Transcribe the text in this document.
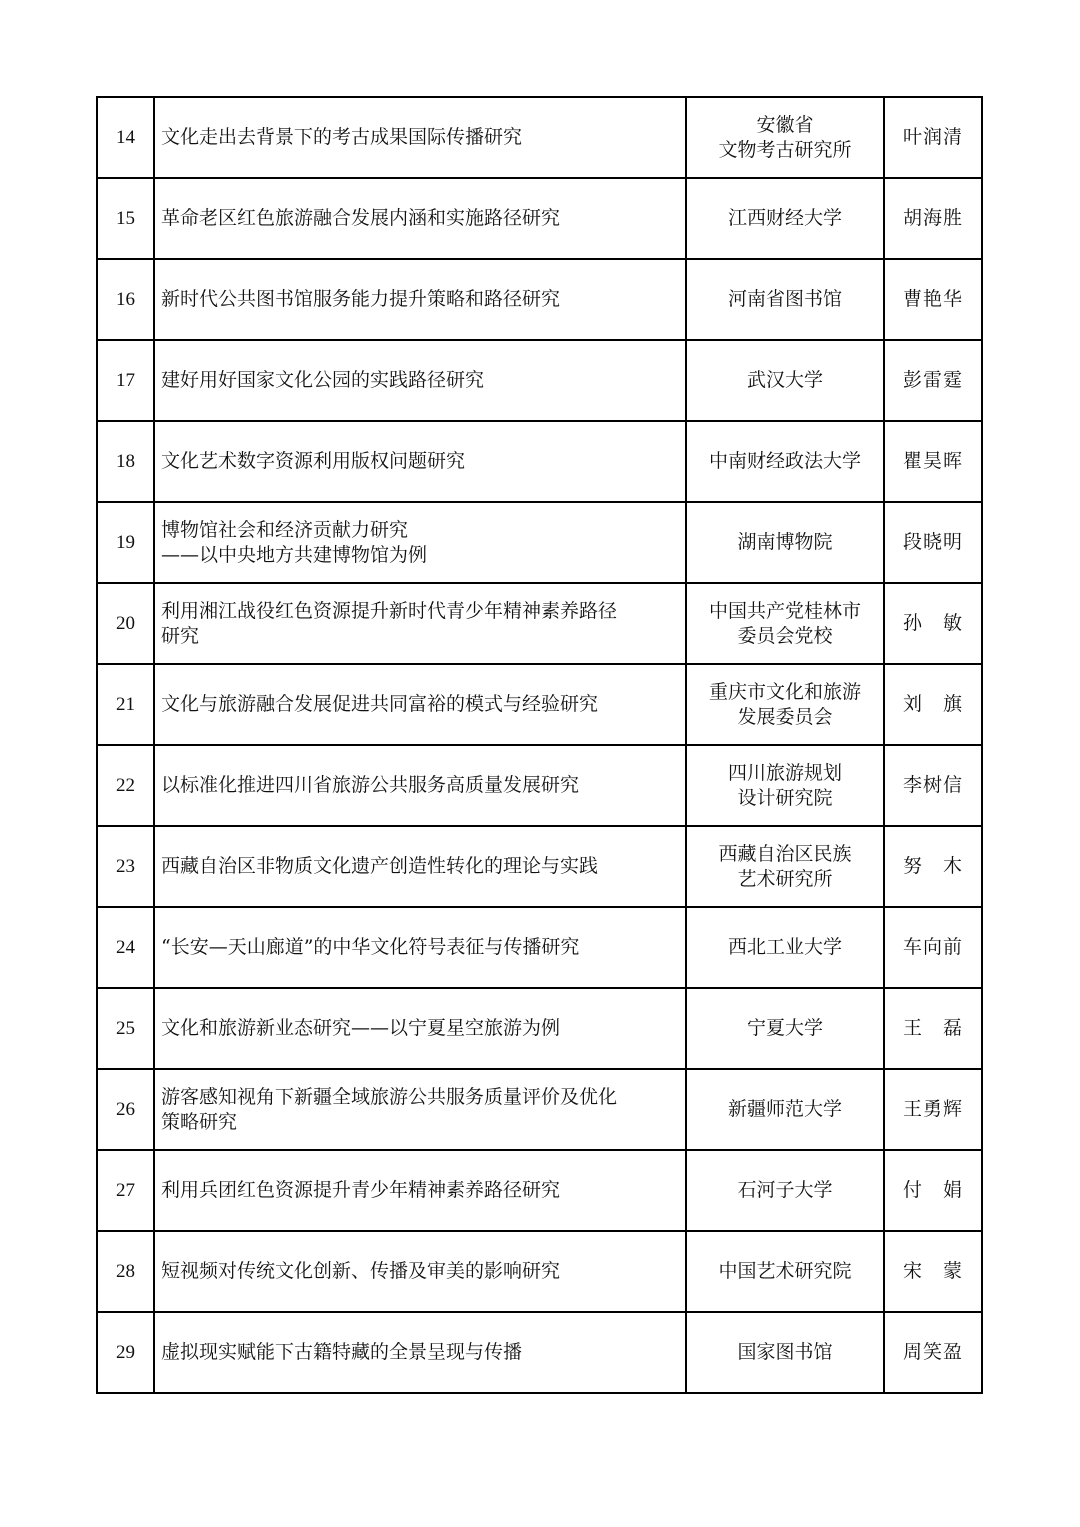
14	文化走出去背景下的考古成果国际传播研究	安徽省
文物考古研究所	叶润清
15	革命老区红色旅游融合发展内涵和实施路径研究	江西财经大学	胡海胜
16	新时代公共图书馆服务能力提升策略和路径研究	河南省图书馆	曹艳华
17	建好用好国家文化公园的实践路径研究	武汉大学	彭雷霆
18	文化艺术数字资源利用版权问题研究	中南财经政法大学	瞿昊晖
19	博物馆社会和经济贡献力研究
——以中央地方共建博物馆为例	湖南博物院	段晓明
20	利用湘江战役红色资源提升新时代青少年精神素养路径
研究	中国共产党桂林市
委员会党校	孙　敏
21	文化与旅游融合发展促进共同富裕的模式与经验研究	重庆市文化和旅游
发展委员会	刘　旗
22	以标准化推进四川省旅游公共服务高质量发展研究	四川旅游规划
设计研究院	李树信
23	西藏自治区非物质文化遗产创造性转化的理论与实践	西藏自治区民族
艺术研究所	努　木
24	“长安—天山廊道”的中华文化符号表征与传播研究	西北工业大学	车向前
25	文化和旅游新业态研究——以宁夏星空旅游为例	宁夏大学	王　磊
26	游客感知视角下新疆全域旅游公共服务质量评价及优化
策略研究	新疆师范大学	王勇辉
27	利用兵团红色资源提升青少年精神素养路径研究	石河子大学	付　娟
28	短视频对传统文化创新、传播及审美的影响研究	中国艺术研究院	宋　蒙
29	虚拟现实赋能下古籍特藏的全景呈现与传播	国家图书馆	周笑盈
